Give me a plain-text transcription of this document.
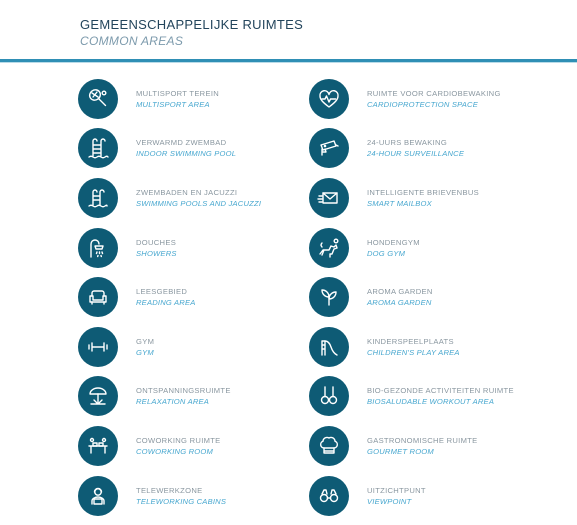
GEMEENSCHAPPELIJKE RUIMTES
COMMON AREAS
MULTISPORT TEREIN
MULTISPORT AREA
VERWARMD ZWEMBAD
INDOOR SWIMMING POOL
ZWEMBADEN EN JACUZZI
SWIMMING POOLS AND JACUZZI
DOUCHES
SHOWERS
LEESGEBIED
READING AREA
GYM
GYM
ONTSPANNINGSRUIMTE
RELAXATION AREA
COWORKING RUIMTE
COWORKING ROOM
TELEWERKZONE
TELEWORKING CABINS
RUIMTE VOOR CARDIOBEWAKING
CARDIOPROTECTION SPACE
24-UURS BEWAKING
24-HOUR SURVEILLANCE
INTELLIGENTE BRIEVENBUS
SMART MAILBOX
HONDENGYM
DOG GYM
AROMA GARDEN
AROMA GARDEN
KINDERSPEELPLAATS
CHILDREN'S PLAY AREA
BIO-GEZONDE ACTIVITEITEN RUIMTE
BIOSALUDABLE WORKOUT AREA
GASTRONOMISCHE RUIMTE
GOURMET ROOM
UITZICHTPUNT
VIEWPOINT
